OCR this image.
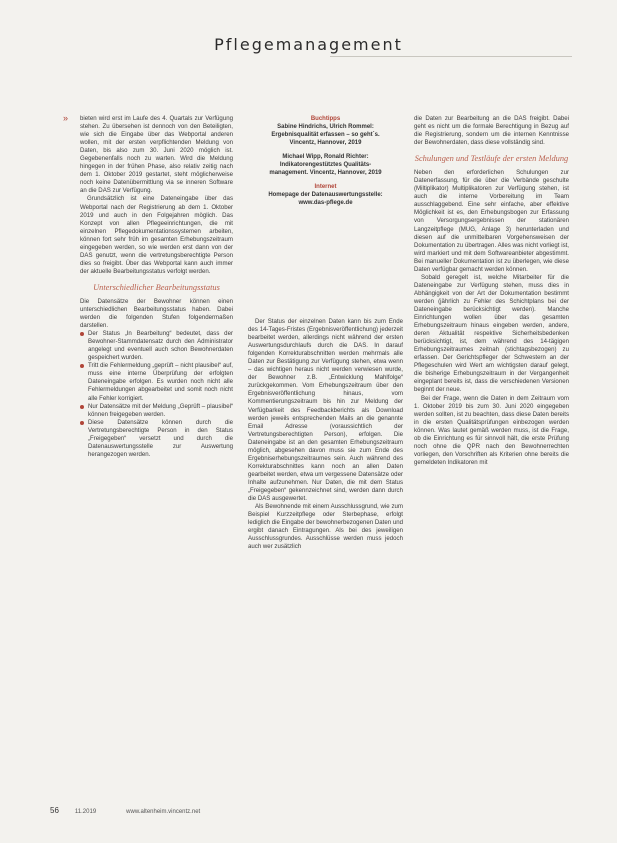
Pflegemanagement
» bieten wird erst im Laufe des 4. Quartals zur Verfügung stehen. Zu übersehen ist dennoch von den Beteiligten, wie sich die Eingabe über das Webportal anderen wollen, mit der ersten verpflichtenden Meldung von Daten, bis also zum 30. Juni 2020 möglich ist. Gegebenenfalls noch zu warten. Wird die Meldung hingegen in der frühen Phase, also relativ zeitig nach dem 1. Oktober 2019 gestartet, steht möglicherweise noch keine Datenübermittlung via se inneren Software an die DAS zur Verfügung.

Grundsätzlich ist eine Dateneingabe über das Webportal nach der Registrierung ab dem 1. Oktober 2019 und auch in den Folgejahren möglich. Das Konzept von allen Pflegeeinrichtungen, die mit einzelnen Pflegedokumentationssystemen arbeiten, können fort sehr früh im gesamten Erhebungszeitraum eingegeben werden, so wie werden erst dann von der DAS genutzt, wenn die vertretungsberechtigte Person dies so freigibt. Über das Webportal kann auch immer der aktuelle Bearbeitungsstatus verfolgt werden.

Unterschiedlicher Bearbeitungsstatus

Die Datensätze der Bewohner können einen unterschiedlichen Bearbeitungsstatus haben. Dabei werden die folgenden Stufen folgendermaßen darstellen.

Der Status „In Bearbeitung“ bedeutet, dass der Bewohner-Stammdatensatz durch den Administrator angelegt und eventuell auch schon Bewohnerdaten gespeichert wurden.
Tritt die Fehlermeldung „geprüft – nicht plausibel“ auf, muss eine interne Überprüfung der erfolgten Dateneingabe erfolgen. Es wurden noch nicht alle Fehlermeldungen abgearbeitet und somit noch nicht alle Fehler korrigiert.
Nur Datensätze mit der Meldung „Geprüft – plausibel“ können freigegeben werden.
Diese Datensätze können durch die Vertretungsberechtigte Person in den Status „Freigegeben“ versetzt und durch die Datenauswertungsstelle zur Auswertung herangezogen werden.
Buchtipps
Sabine Hindrichs, Ulrich Rommel:
Ergebnisqualität erfassen – so geht´s.
Vincentz, Hannover, 2019
Michael Wipp, Ronald Richter:
Indikatorengestütztes Qualitäts-
management. Vincentz, Hannover, 2019
Internet
Homepage der Datenauswertungsstelle:
www.das-pflege.de

Der Status der einzelnen Daten kann bis zum Ende des 14-Tages-Fristes (Ergebnisveröffentlichung) jederzeit bearbeitet werden, allerdings nicht während der ersten Auswertungsdurchlaufs durch die DAS. In darauf folgenden Korrekturabschnitten werden mehrmals alle Daten zur Bestätigung zur Verfügung stehen, etwa wenn – das wichtigen heraus nicht werden verwiesen wurde, der Bewohner z.B. „Entwicklung Mahlfolge“ zurückgekommen. Vom Erhebungszeitraum über den Ergebnisveröffentlichung hinaus, vom Kommentierungszeitraum bis hin zur Meldung der Verfügbarkeit des Feedbackberichts als Download werden jeweils entsprechenden Mails an die genannte Email Adresse (voraussichtlich der Vertretungsberechtigten Person), erfolgen. Die Dateneingabe ist an den gesamten Erhebungszeitraum möglich, abgesehen davon muss sie zum Ende des Ergebniserhebungszeitraumes sein. Auch während des Korrekturabschnittes kann noch an allen Daten gearbeitet werden, etwa um vergessene Datensätze oder Inhalte aufzunehmen. Nur Daten, die mit dem Status „Freigegeben“ gekennzeichnet sind, werden dann durch die DAS ausgewertet.

Als Bewohnende mit einem Ausschlussgrund, wie zum Beispiel Kurzzeitpflege oder Sterbephase, erfolgt lediglich die Eingabe der bewohnerbezogenen Daten und ergibt danach Eintragungen. Als bei des jeweiligen Ausschlussgrundes. Ausschlüsse werden muss jedoch auch wer zusätzlich

die Daten zur Bearbeitung an die DAS freigibt. Dabei geht es nicht um die formale Berechtigung in Bezug auf die Registrierung, sondern um die internen Kenntnisse der Bewohnerdaten, dass diese vollständig sind.

Schulungen und Testläufe der ersten Meldung

Neben den erforderlichen Schulungen zur Datenerfassung, für die über die Verbände geschulte (Miltiplikator) Multiplikatoren zur Verfügung stehen, ist auch die interne Vorbereitung im Team ausschlaggebend. Eine sehr einfache, aber effektive Möglichkeit ist es, den Erhebungsbogen zur Erfassung von Versorgungsergebnissen der stationären Langzeitpflege (MUG, Anlage 3) herunterladen und diesen auf die unmittelbaren Vorgehensweisen der Dokumentation zu übertragen. Alles was nicht vorliegt ist, wird markiert und mit dem Softwareanbieter abgestimmt. Bei manueller Dokumentation ist zu überlegen, wie diese Daten verfügbar gemacht werden können.

Sobald geregelt ist, welche Mitarbeiter für die Dateneingabe zur Verfügung stehen, muss dies in Abhängigkeit von der Art der Dokumentation bestimmt werden (jährlich zu Fehler des Schichtplans bei der Dateneingabe berücksichtigt werden). Manche Einrichtungen wollen über das gesamten Erhebungszeitraum hinaus eingeben werden, andere, deren Aktualität respektive Sicherheitsbedenken berücksichtigt, ist, dem während des 14-tägigen Erhebungszeitraumes zeitnah (stichtagsbezogen) zu erfassen. Der Gerichtspfleger der Schwestern an der Pflegeschulen wird Wert am wichtigsten darauf gelegt, die bisherige Erhebungszeitraum in der Vergangenheit eingeplant bereits ist, dass die verschiedenen Versionen beginnt der neue.

Bei der Frage, wenn die Daten in dem Zeitraum vom 1. Oktober 2019 bis zum 30. Juni 2020 eingegeben werden sollten, ist zu beachten, dass diese Daten bereits in die ersten Qualitätsprüfungen einbezogen werden können. Was lautet gemäß werden muss, ist die Frage, ob die Einrichtung es für sinnvoll hält, die erste Prüfung noch ohne die QPR nach den Bewohnerrechten vorliegen, den Vorschriften als Kriterien ohne bereits die gemeldeten Indikatoren mit

56	11.2019	www.altenheim.vincentz.net
